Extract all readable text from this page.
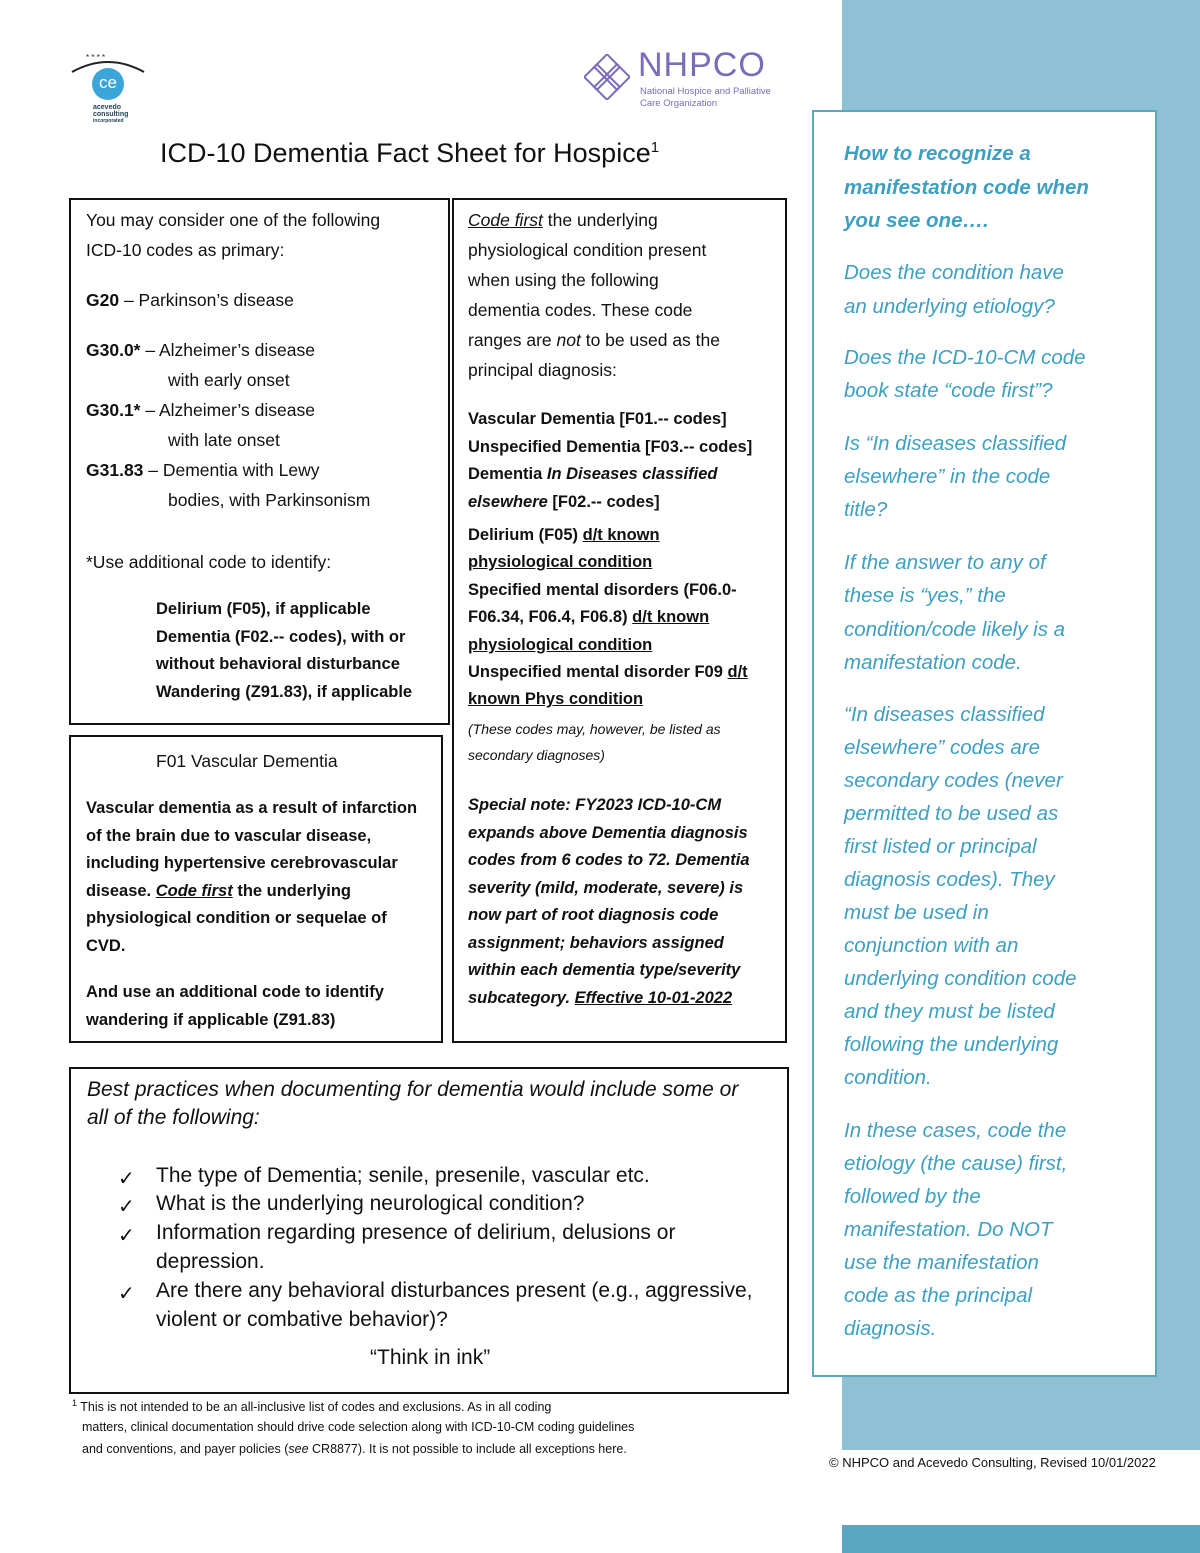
* * * *
ce
acevedo
consulting
incorporated
NHPCO
National Hospice and Palliative
Care Organization
ICD-10 Dementia Fact Sheet for Hospice$^1$
You may consider one of the following
ICD-10 codes as primary:
G20 – Parkinson’s disease
G30.0* – Alzheimer’s disease
with early onset
G30.1* – Alzheimer’s disease
with late onset
G31.83 – Dementia with Lewy
bodies, with Parkinsonism
*Use additional code to identify:
Delirium (F05), if applicable
Dementia (F02.-- codes), with or
without behavioral disturbance
Wandering (Z91.83), if applicable
Code first the underlying
physiological condition present
when using the following
dementia codes. These code
ranges are not to be used as the
principal diagnosis:
Vascular Dementia [F01.-- codes]
Unspecified Dementia [F03.-- codes]
Dementia In Diseases classified
elsewhere [F02.-- codes]
Delirium (F05) d/t known
physiological condition
Specified mental disorders (F06.0-
F06.34, F06.4, F06.8) d/t known
physiological condition
Unspecified mental disorder F09 d/t
known Phys condition
(These codes may, however, be listed as
secondary diagnoses)
Special note: FY2023 ICD-10-CM
expands above Dementia diagnosis
codes from 6 codes to 72. Dementia
severity (mild, moderate, severe) is
now part of root diagnosis code
assignment; behaviors assigned
within each dementia type/severity
subcategory. Effective 10-01-2022
F01 Vascular Dementia
Vascular dementia as a result of infarction
of the brain due to vascular disease,
including hypertensive cerebrovascular
disease. Code first the underlying
physiological condition or sequelae of
CVD.
And use an additional code to identify
wandering if applicable (Z91.83)
Best practices when documenting for dementia would include some or
all of the following:
✓ The type of Dementia; senile, presenile, vascular etc.
✓ What is the underlying neurological condition?
✓ Information regarding presence of delirium, delusions or
depression.
✓ Are there any behavioral disturbances present (e.g., aggressive,
violent or combative behavior)?
“Think in ink”
$^1$ This is not intended to be an all-inclusive list of codes and exclusions. As in all coding
matters, clinical documentation should drive code selection along with ICD-10-CM coding guidelines
and conventions, and payer policies (see CR8877). It is not possible to include all exceptions here.
How to recognize a
manifestation code when
you see one….
Does the condition have
an underlying etiology?
Does the ICD-10-CM code
book state “code first”?
Is “In diseases classified
elsewhere” in the code
title?
If the answer to any of
these is “yes,” the
condition/code likely is a
manifestation code.
“In diseases classified
elsewhere” codes are
secondary codes (never
permitted to be used as
first listed or principal
diagnosis codes). They
must be used in
conjunction with an
underlying condition code
and they must be listed
following the underlying
condition.
In these cases, code the
etiology (the cause) first,
followed by the
manifestation. Do NOT
use the manifestation
code as the principal
diagnosis.
© NHPCO and Acevedo Consulting, Revised 10/01/2022
